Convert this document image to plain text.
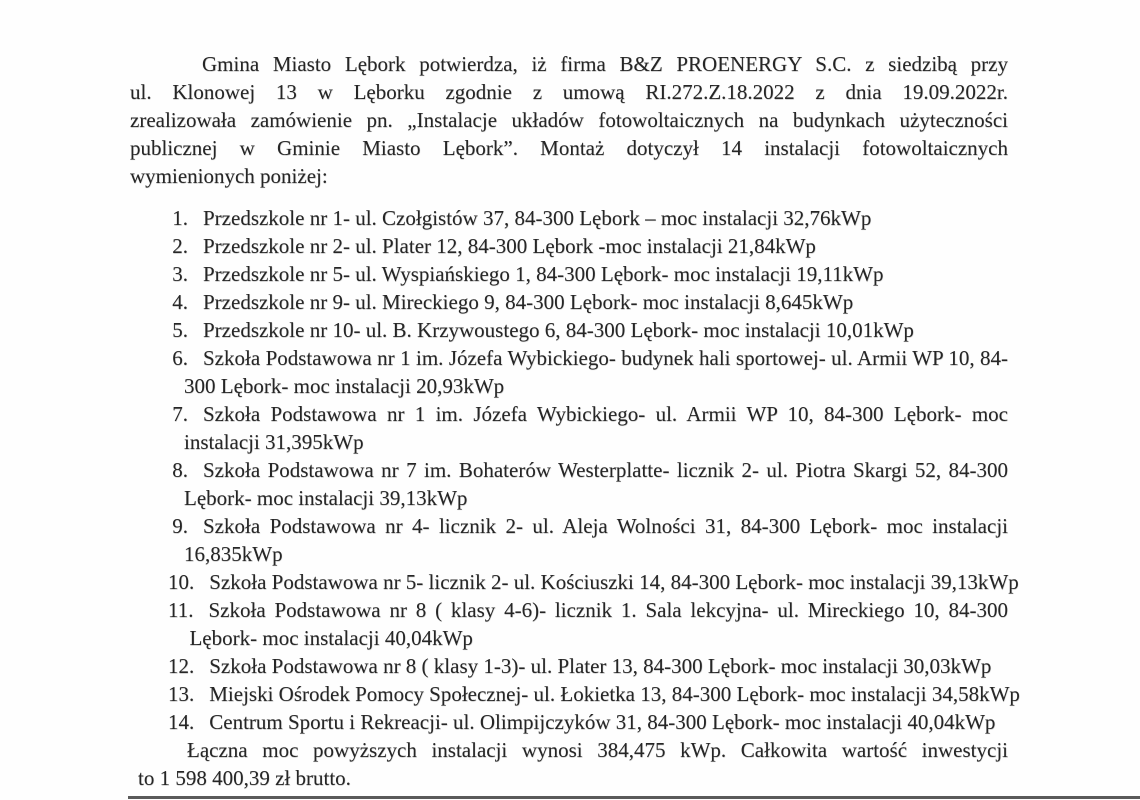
Gmina Miasto Lębork potwierdza, iż firma B&Z PROENERGY S.C. z siedzibą przy
ul. Klonowej 13 w Lęborku zgodnie z umową RI.272.Z.18.2022 z dnia 19.09.2022r.
zrealizowała zamówienie pn. „Instalacje układów fotowoltaicznych na budynkach użyteczności
publicznej w Gminie Miasto Lębork”. Montaż dotyczył 14 instalacji fotowoltaicznych
wymienionych poniżej:
1. Przedszkole nr 1- ul. Czołgistów 37, 84-300 Lębork – moc instalacji 32,76kWp
2. Przedszkole nr 2- ul. Plater 12, 84-300 Lębork -moc instalacji 21,84kWp
3. Przedszkole nr 5- ul. Wyspiańskiego 1, 84-300 Lębork- moc instalacji 19,11kWp
4. Przedszkole nr 9- ul. Mireckiego 9, 84-300 Lębork- moc instalacji 8,645kWp
5. Przedszkole nr 10- ul. B. Krzywoustego 6, 84-300 Lębork- moc instalacji 10,01kWp
6. Szkoła Podstawowa nr 1 im. Józefa Wybickiego- budynek hali sportowej- ul. Armii WP 10, 84-
300 Lębork- moc instalacji 20,93kWp
7. Szkoła Podstawowa nr 1 im. Józefa Wybickiego- ul. Armii WP 10, 84-300 Lębork- moc
instalacji 31,395kWp
8. Szkoła Podstawowa nr 7 im. Bohaterów Westerplatte- licznik 2- ul. Piotra Skargi 52, 84-300
Lębork- moc instalacji 39,13kWp
9. Szkoła Podstawowa nr 4- licznik 2- ul. Aleja Wolności 31, 84-300 Lębork- moc instalacji
16,835kWp
10. Szkoła Podstawowa nr 5- licznik 2- ul. Kościuszki 14, 84-300 Lębork- moc instalacji 39,13kWp
11. Szkoła Podstawowa nr 8 ( klasy 4-6)- licznik 1. Sala lekcyjna- ul. Mireckiego 10, 84-300
Lębork- moc instalacji 40,04kWp
12. Szkoła Podstawowa nr 8 ( klasy 1-3)- ul. Plater 13, 84-300 Lębork- moc instalacji 30,03kWp
13. Miejski Ośrodek Pomocy Społecznej- ul. Łokietka 13, 84-300 Lębork- moc instalacji 34,58kWp
14. Centrum Sportu i Rekreacji- ul. Olimpijczyków 31, 84-300 Lębork- moc instalacji 40,04kWp
Łączna moc powyższych instalacji wynosi 384,475 kWp. Całkowita wartość inwestycji
to 1 598 400,39 zł brutto.
